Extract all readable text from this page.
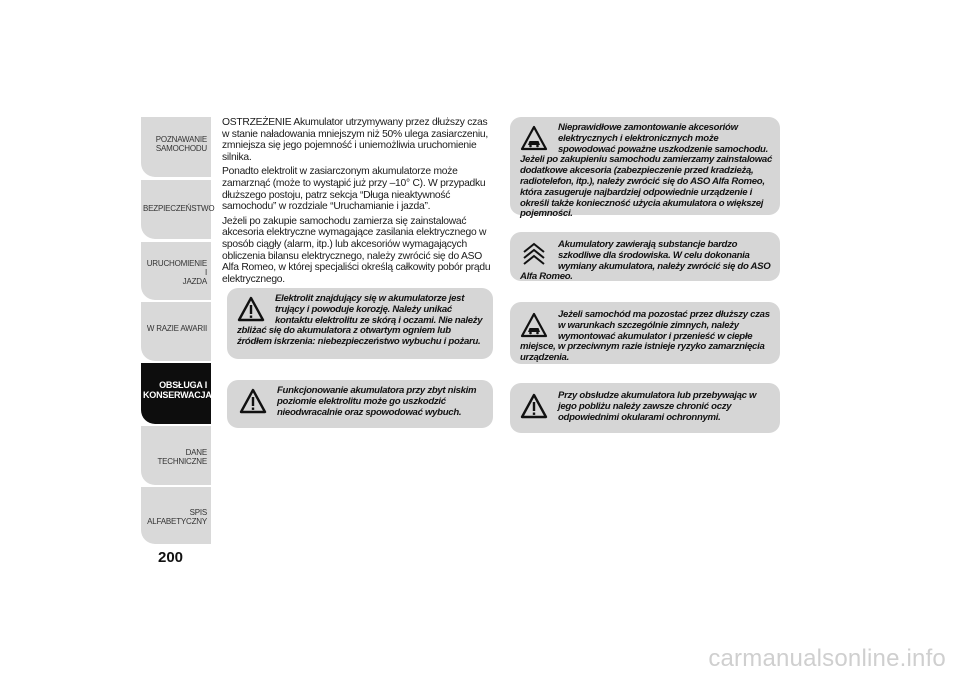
POZNAWANIE
SAMOCHODU
BEZPIECZEŃSTWO
URUCHOMIENIE I
JAZDA
W RAZIE AWARII
OBSŁUGA I
KONSERWACJA
DANE TECHNICZNE
SPIS ALFABETYCZNY
200

OSTRZEŻENIE Akumulator utrzymywany przez dłuższy czas w stanie naładowania mniejszym niż 50% ulega zasiarczeniu, zmniejsza się jego pojemność i uniemożliwia uruchomienie silnika.

Ponadto elektrolit w zasiarczonym akumulatorze może zamarznąć (może to wystąpić już przy –10° C). W przypadku dłuższego postoju, patrz sekcja “Długa nieaktywność samochodu” w rozdziale “Uruchamianie i jazda”.

Jeżeli po zakupie samochodu zamierza się zainstalować akcesoria elektryczne wymagające zasilania elektrycznego w sposób ciągły (alarm, itp.) lub akcesoriów wymagających obliczenia bilansu elektrycznego, należy zwrócić się do ASO Alfa Romeo, w której specjaliści określą całkowity pobór prądu elektrycznego.

Elektrolit znajdujący się w akumulatorze jest trujący i powoduje korozję. Należy unikać kontaktu elektrolitu ze skórą i oczami. Nie należy zbliżać się do akumulatora z otwartym ogniem lub źródłem iskrzenia: niebezpieczeństwo wybuchu i pożaru.
Funkcjonowanie akumulatora przy zbyt niskim poziomie elektrolitu może go uszkodzić nieodwracalnie oraz spowodować wybuch.
Nieprawidłowe zamontowanie akcesoriów elektrycznych i elektronicznych może spowodować poważne uszkodzenie samochodu. Jeżeli po zakupieniu samochodu zamierzamy zainstalować dodatkowe akcesoria (zabezpieczenie przed kradzieżą, radiotelefon, itp.), należy zwrócić się do ASO Alfa Romeo, która zasugeruje najbardziej odpowiednie urządzenie i określi także konieczność użycia akumulatora o większej pojemności.
Akumulatory zawierają substancje bardzo szkodliwe dla środowiska. W celu dokonania wymiany akumulatora, należy zwrócić się do ASO Alfa Romeo.
Jeżeli samochód ma pozostać przez dłuższy czas w warunkach szczególnie zimnych, należy wymontować akumulator i przenieść w ciepłe miejsce, w przeciwnym razie istnieje ryzyko zamarznięcia urządzenia.
Przy obsłudze akumulatora lub przebywając w jego pobliżu należy zawsze chronić oczy odpowiednimi okularami ochronnymi.
carmanualsonline.info
